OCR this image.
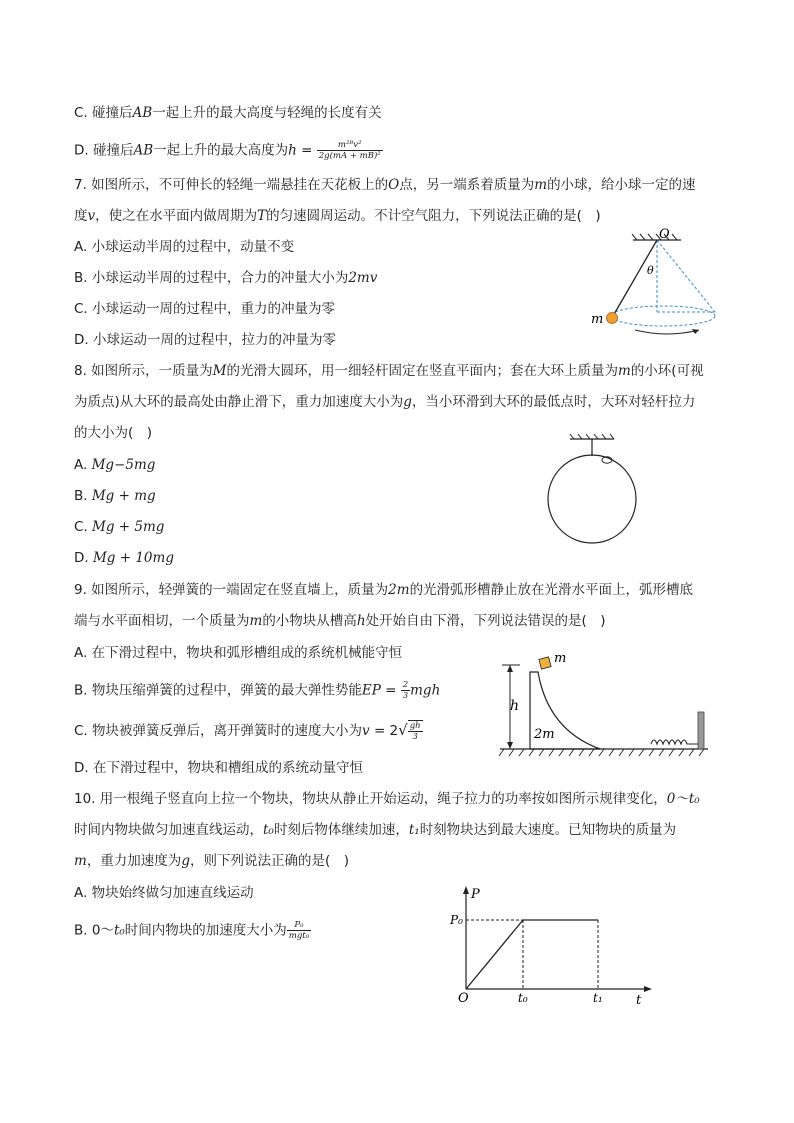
C. 碰撞后AB一起上升的最大高度与轻绳的长度有关
D. 碰撞后AB一起上升的最大高度为$h = \frac{\text{m²ᴮv²}}{\text{2g(mA + mB)²}}$
7. 如图所示，不可伸长的轻绳一端悬挂在天花板上的O点，另一端系着质量为m的小球，给小球一定的速
度v，使之在水平面内做周期为T的匀速圆周运动。不计空气阻力，下列说法正确的是(　)
A. 小球运动半周的过程中，动量不变
B. 小球运动半周的过程中，合力的冲量大小为2mv
C. 小球运动一周的过程中，重力的冲量为零
D. 小球运动一周的过程中，拉力的冲量为零
O
θ
m
8. 如图所示，一质量为M的光滑大圆环，用一细轻杆固定在竖直平面内；套在大环上质量为m的小环(可视
为质点)从大环的最高处由静止滑下，重力加速度大小为g，当小环滑到大环的最低点时，大环对轻杆拉力
的大小为(　)
A. Mg−5mg
B. Mg + mg
C. Mg + 5mg
D. Mg + 10mg
9. 如图所示，轻弹簧的一端固定在竖直墙上，质量为2m的光滑弧形槽静止放在光滑水平面上，弧形槽底
端与水平面相切，一个质量为m的小物块从槽高h处开始自由下滑，下列说法错误的是(　)
A. 在下滑过程中，物块和弧形槽组成的系统机械能守恒
B. 物块压缩弹簧的过程中，弹簧的最大弹性势能EP = $\frac{2}{3}$ mgh
C. 物块被弹簧反弹后，离开弹簧时的速度大小为$v = 2√ \frac{gh}{3}$
D. 在下滑过程中，物块和槽组成的系统动量守恒
h
m
2m
10. 用一根绳子竖直向上拉一个物块，物块从静止开始运动，绳子拉力的功率按如图所示规律变化，0～t₀
时间内物块做匀加速直线运动，t₀时刻后物体继续加速，t₁时刻物块达到最大速度。已知物块的质量为
m，重力加速度为g，则下列说法正确的是(　)
A. 物块始终做匀加速直线运动
B. 0～t₀时间内物块的加速度大小为 $\frac{\text{P₀}}{\text{mgt₀}}$
P
P₀
O	t₀	t₁	t
